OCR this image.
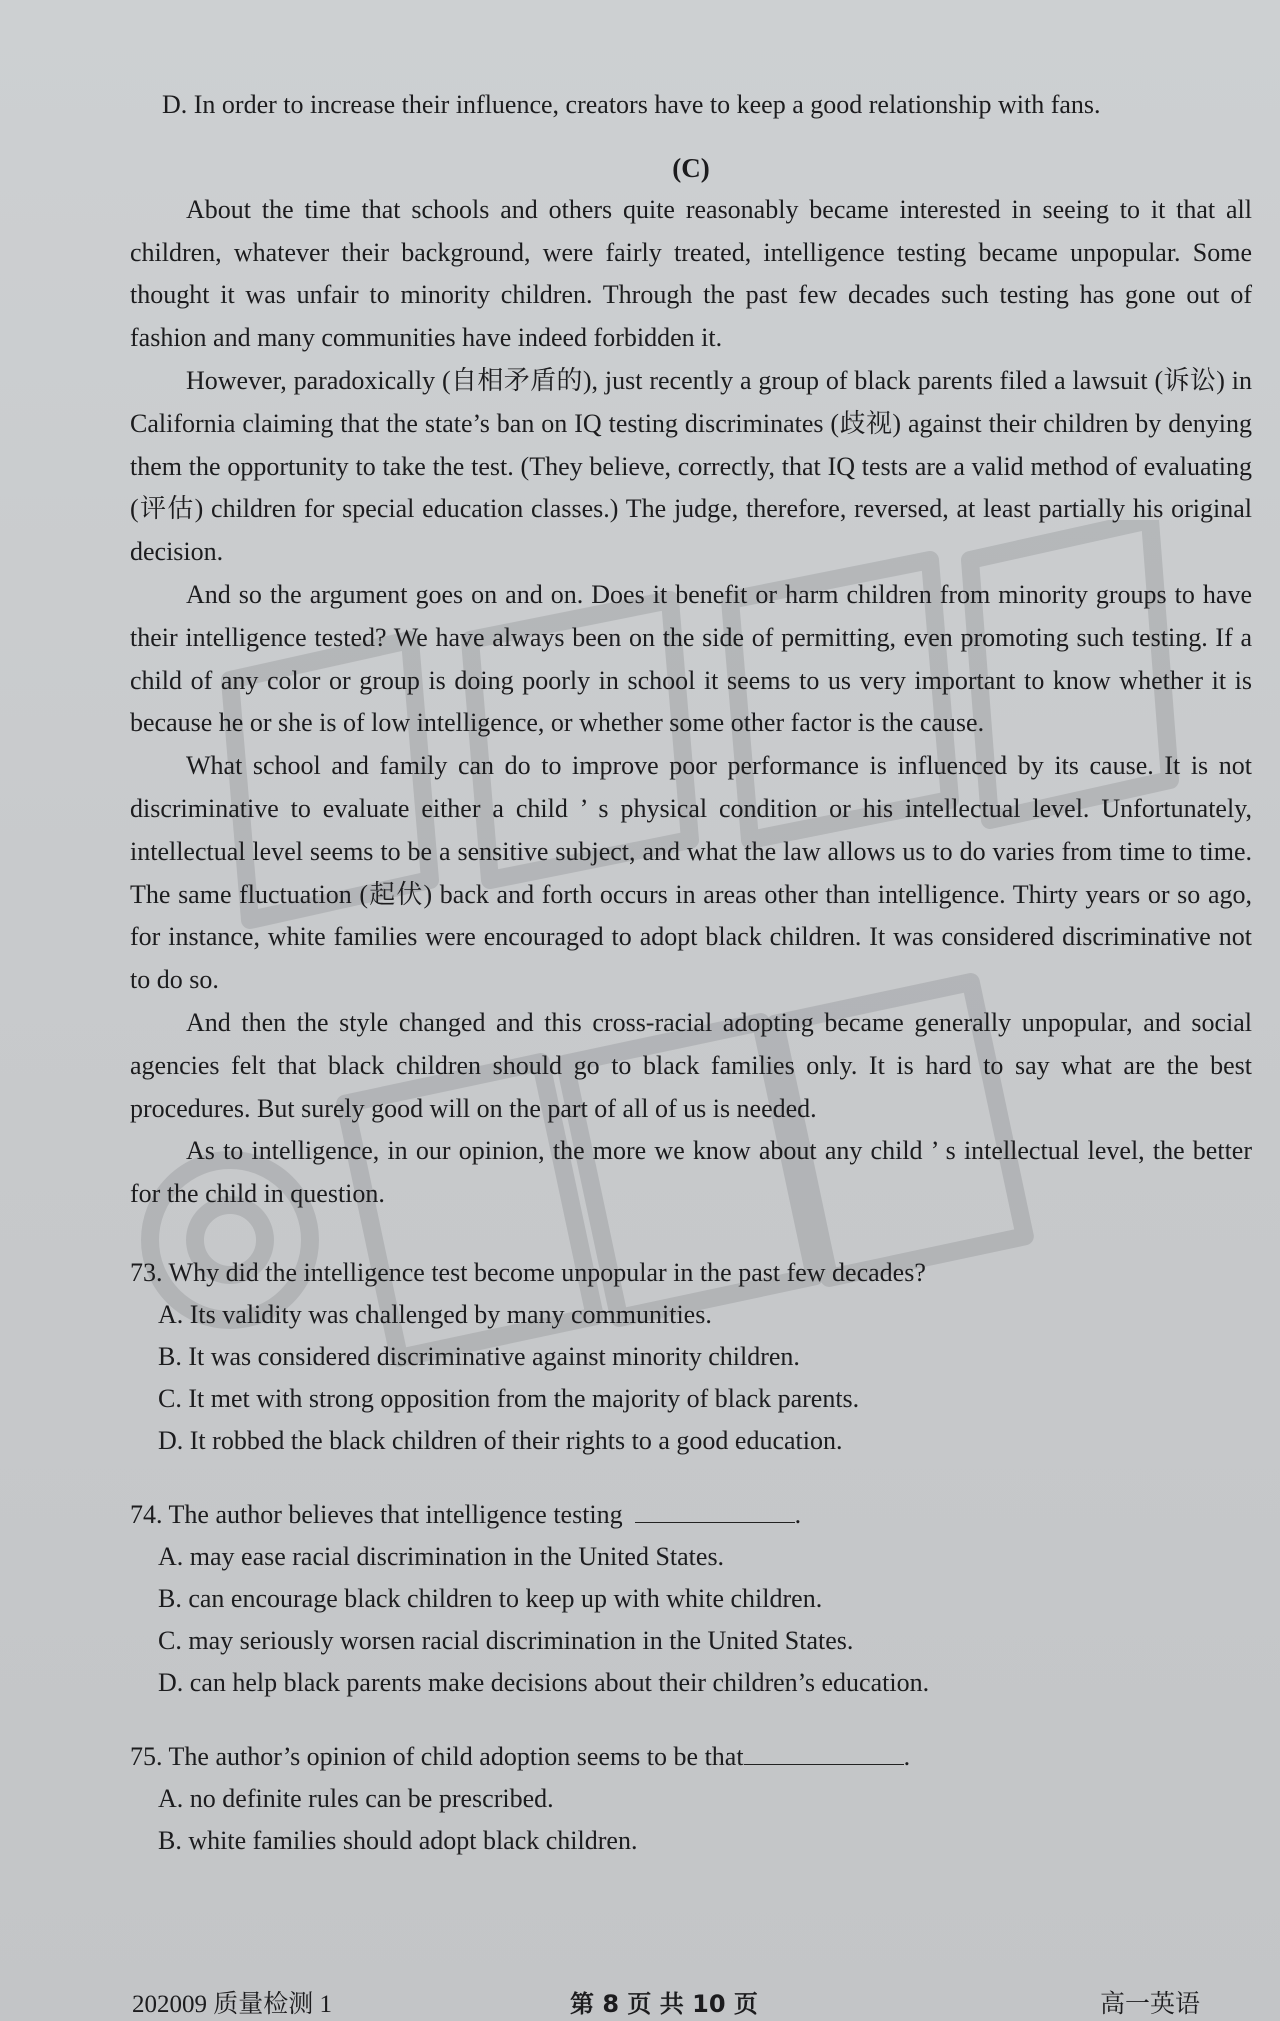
D. In order to increase their influence, creators have to keep a good relationship with fans.
(C)

About the time that schools and others quite reasonably became interested in seeing to it that all children, whatever their background, were fairly treated, intelligence testing became unpopular. Some thought it was unfair to minority children. Through the past few decades such testing has gone out of fashion and many communities have indeed forbidden it.

However, paradoxically (自相矛盾的), just recently a group of black parents filed a lawsuit (诉讼) in California claiming that the state’s ban on IQ testing discriminates (歧视) against their children by denying them the opportunity to take the test. (They believe, correctly, that IQ tests are a valid method of evaluating (评估) children for special education classes.) The judge, therefore, reversed, at least partially his original decision.

And so the argument goes on and on. Does it benefit or harm children from minority groups to have their intelligence tested? We have always been on the side of permitting, even promoting such testing. If a child of any color or group is doing poorly in school it seems to us very important to know whether it is because he or she is of low intelligence, or whether some other factor is the cause.

What school and family can do to improve poor performance is influenced by its cause. It is not discriminative to evaluate either a child ’ s physical condition or his intellectual level. Unfortunately, intellectual level seems to be a sensitive subject, and what the law allows us to do varies from time to time. The same fluctuation (起伏) back and forth occurs in areas other than intelligence. Thirty years or so ago, for instance, white families were encouraged to adopt black children. It was considered discriminative not to do so.

And then the style changed and this cross-racial adopting became generally unpopular, and social agencies felt that black children should go to black families only. It is hard to say what are the best procedures. But surely good will on the part of all of us is needed.

As to intelligence, in our opinion, the more we know about any child ’ s intellectual level, the better for the child in question.

73. Why did the intelligence test become unpopular in the past few decades?
A. Its validity was challenged by many communities.
B. It was considered discriminative against minority children.
C. It met with strong opposition from the majority of black parents.
D. It robbed the black children of their rights to a good education.
74. The author believes that intelligence testing	.
A. may ease racial discrimination in the United States.
B. can encourage black children to keep up with white children.
C. may seriously worsen racial discrimination in the United States.
D. can help black parents make decisions about their children’s education.
75. The author’s opinion of child adoption seems to be that	.
A. no definite rules can be prescribed.
B. white families should adopt black children.
202009 质量检测 1	第 8 页 共 10 页	高一英语
